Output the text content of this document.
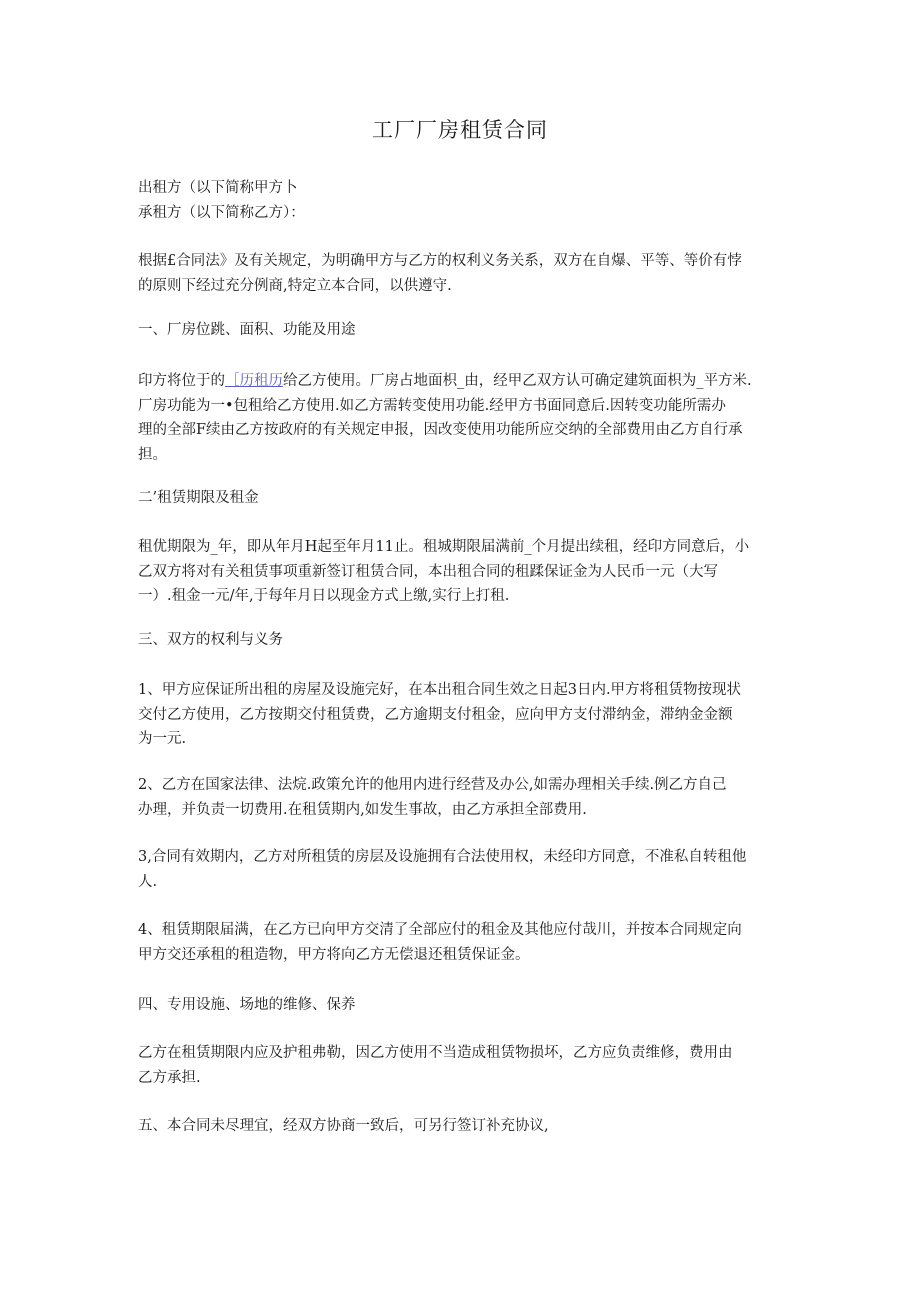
工厂厂房租赁合同
出租方（以下简称甲方卜
承租方（以下简称乙方）：
根据£合同法》及有关规定，为明确甲方与乙方的权利义务关系，双方在自爆、平等、等价有悖
的原则下经过充分例商,特定立本合同，以供遵守.
一、厂房位跳、面积、功能及用途
印方将位于的［历租历给乙方使用。厂房占地面枳_由，经甲乙双方认可确定建筑面枳为_平方米.
厂房功能为一•包租给乙方使用.如乙方需转变使用功能.经甲方书面同意后.因转变功能所需办
理的全部F续由乙方按政府的有关规定申报，因改变使用功能所应交纳的全部费用由乙方自行承
担。
二’租赁期限及租金
租优期限为_年，即从年月H起至年月11止。租城期限届满前_个月提出续租，经印方同意后，小
乙双方将对有关租赁事项重新签订租赁合同，本出租合同的租蹂保证金为人民币一元（大写
一）.租金一元/年,于每年月日以现金方式上缴,实行上打租.
三、双方的权利与义务
1、甲方应保证所出租的房屋及设施完好，在本出租合同生效之日起3日内.甲方将租赁物按现状
交付乙方使用，乙方按期交付租赁费，乙方逾期支付租金，应向甲方支付滞纳金，滞纳金金额
为一元.
2、乙方在国家法律、法烷.政策允许的他用内进行经营及办公,如需办理相关手续.例乙方自己
办理，并负责一切费用.在租赁期内,如发生事故，由乙方承担全部费用.
3,合同有效期内，乙方对所租赁的房层及设施拥有合法使用权，未经印方同意，不准私自转租他
人.
4、租赁期限届满，在乙方已向甲方交清了全部应付的租金及其他应付哉川，并按本合同规定向
甲方交还承租的租造物，甲方将向乙方无偿退还租赁保证金。
四、专用设施、场地的维修、保养
乙方在租赁期限内应及护租弗勒，因乙方使用不当造成租赁物损坏，乙方应负责维修，费用由
乙方承担.
五、本合同未尽理宜，经双方协商一致后，可另行签订补充协议,
